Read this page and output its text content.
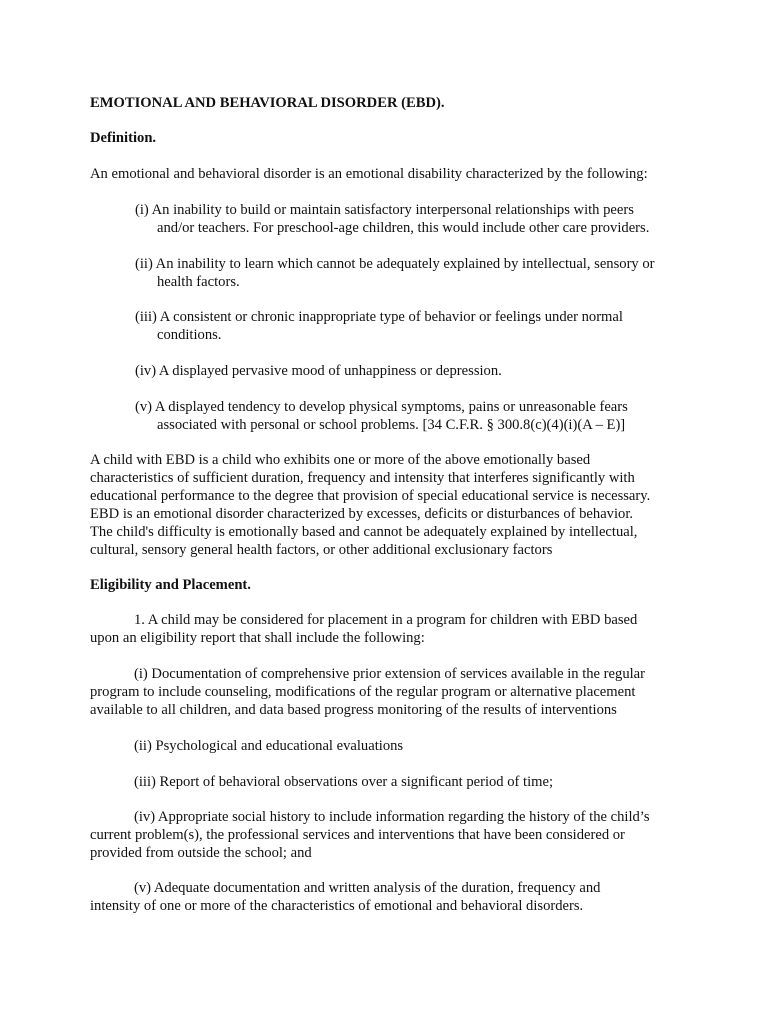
EMOTIONAL AND BEHAVIORAL DISORDER (EBD).

Definition.

An emotional and behavioral disorder is an emotional disability characterized by the following:

(i) An inability to build or maintain satisfactory interpersonal relationships with peers
and/or teachers. For preschool-age children, this would include other care providers.
(ii) An inability to learn which cannot be adequately explained by intellectual, sensory or
health factors.
(iii) A consistent or chronic inappropriate type of behavior or feelings under normal
conditions.
(iv) A displayed pervasive mood of unhappiness or depression.
(v) A displayed tendency to develop physical symptoms, pains or unreasonable fears
associated with personal or school problems. [34 C.F.R. § 300.8(c)(4)(i)(A – E)]
A child with EBD is a child who exhibits one or more of the above emotionally based
characteristics of sufficient duration, frequency and intensity that interferes significantly with
educational performance to the degree that provision of special educational service is necessary.
EBD is an emotional disorder characterized by excesses, deficits or disturbances of behavior.
The child's difficulty is emotionally based and cannot be adequately explained by intellectual,
cultural, sensory general health factors, or other additional exclusionary factors

Eligibility and Placement.

1. A child may be considered for placement in a program for children with EBD based
upon an eligibility report that shall include the following:
(i) Documentation of comprehensive prior extension of services available in the regular
program to include counseling, modifications of the regular program or alternative placement
available to all children, and data based progress monitoring of the results of interventions
(ii) Psychological and educational evaluations
(iii) Report of behavioral observations over a significant period of time;
(iv) Appropriate social history to include information regarding the history of the child’s
current problem(s), the professional services and interventions that have been considered or
provided from outside the school; and
(v) Adequate documentation and written analysis of the duration, frequency and
intensity of one or more of the characteristics of emotional and behavioral disorders.
